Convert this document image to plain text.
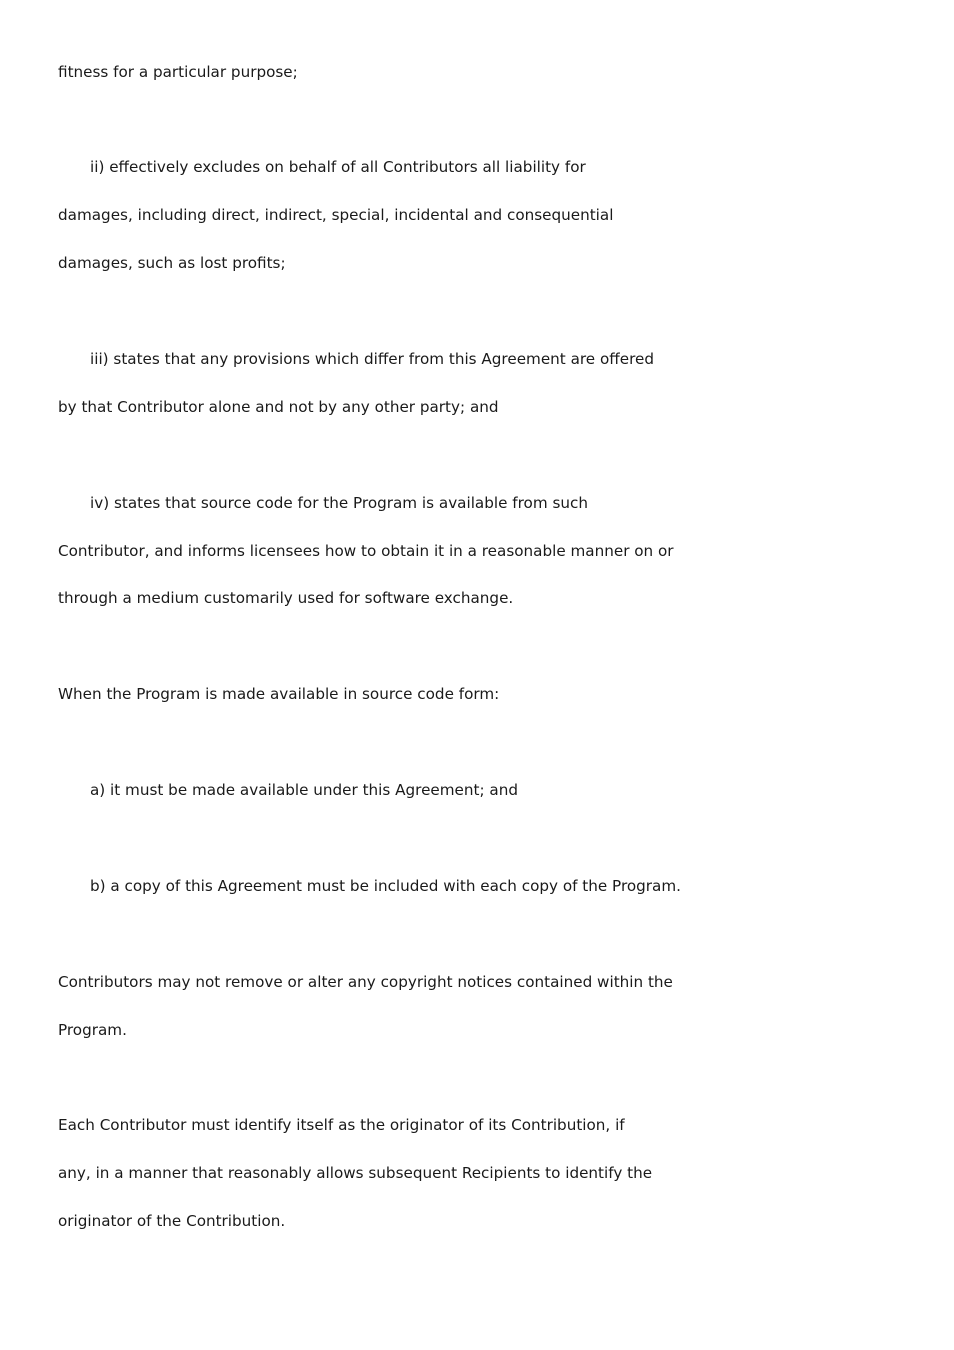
fitness for a particular purpose;
ii) effectively excludes on behalf of all Contributors all liability for
damages, including direct, indirect, special, incidental and consequential
damages, such as lost profits;
iii) states that any provisions which differ from this Agreement are offered
by that Contributor alone and not by any other party; and
iv) states that source code for the Program is available from such
Contributor, and informs licensees how to obtain it in a reasonable manner on or
through a medium customarily used for software exchange.
When the Program is made available in source code form:
a) it must be made available under this Agreement; and
b) a copy of this Agreement must be included with each copy of the Program.
Contributors may not remove or alter any copyright notices contained within the
Program.
Each Contributor must identify itself as the originator of its Contribution, if
any, in a manner that reasonably allows subsequent Recipients to identify the
originator of the Contribution.
